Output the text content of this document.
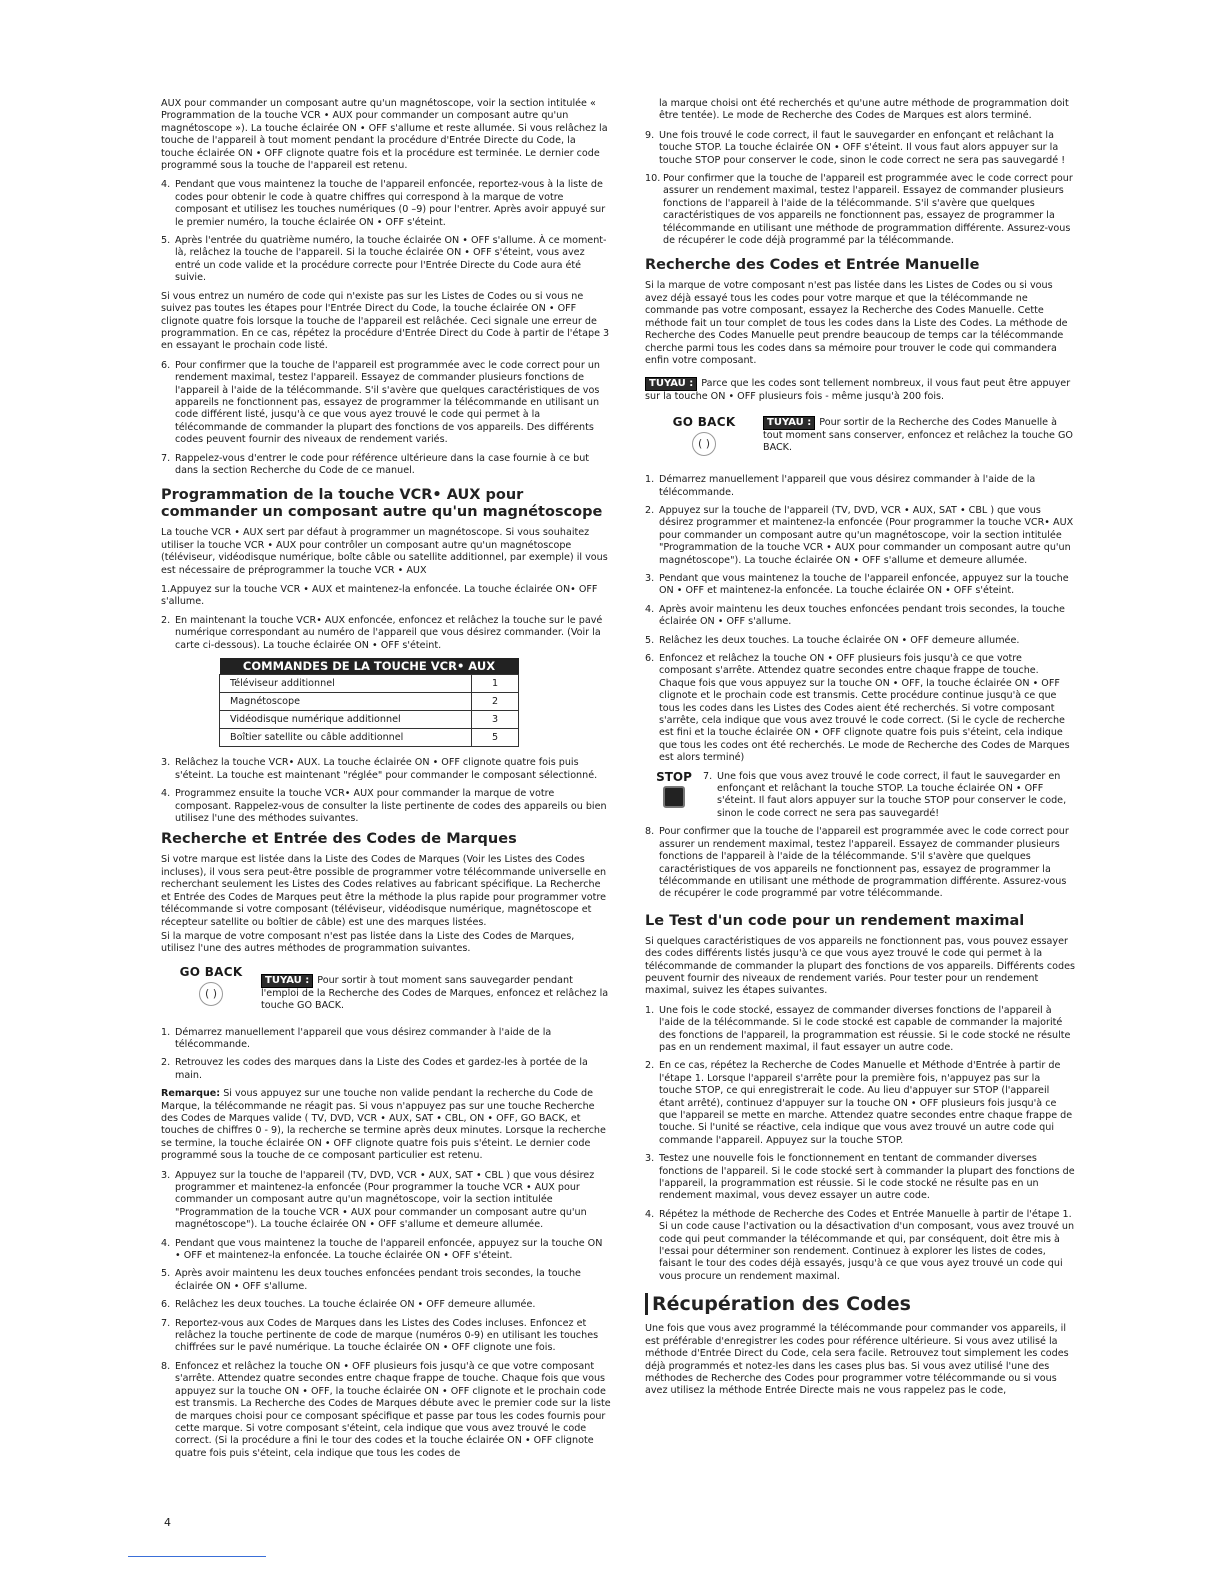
AUX pour commander un composant autre qu'un magnétoscope, voir la section intitulée « Programmation de la touche VCR • AUX pour commander un composant autre qu'un magnétoscope »). La touche éclairée ON • OFF s'allume et reste allumée. Si vous relâchez la touche de l'appareil à tout moment pendant la procédure d'Entrée Directe du Code, la touche éclairée ON • OFF clignote quatre fois et la procédure est terminée. Le dernier code programmé sous la touche de l'appareil est retenu.

4. Pendant que vous maintenez la touche de l'appareil enfoncée, reportez-vous à la liste de codes pour obtenir le code à quatre chiffres qui correspond à la marque de votre composant et utilisez les touches numériques (0 –9) pour l'entrer. Après avoir appuyé sur le premier numéro, la touche éclairée ON • OFF s'éteint.
5. Après l'entrée du quatrième numéro, la touche éclairée ON • OFF s'allume. À ce moment-là, relâchez la touche de l'appareil. Si la touche éclairée ON • OFF s'éteint, vous avez entré un code valide et la procédure correcte pour l'Entrée Directe du Code aura été suivie.

Si vous entrez un numéro de code qui n'existe pas sur les Listes de Codes ou si vous ne suivez pas toutes les étapes pour l'Entrée Direct du Code, la touche éclairée ON • OFF clignote quatre fois lorsque la touche de l'appareil est relâchée. Ceci signale une erreur de programmation. En ce cas, répétez la procédure d'Entrée Direct du Code à partir de l'étape 3 en essayant le prochain code listé.

6. Pour confirmer que la touche de l'appareil est programmée avec le code correct pour un rendement maximal, testez l'appareil. Essayez de commander plusieurs fonctions de l'appareil à l'aide de la télécommande. S'il s'avère que quelques caractéristiques de vos appareils ne fonctionnent pas, essayez de programmer la télécommande en utilisant un code différent listé, jusqu'à ce que vous ayez trouvé le code qui permet à la télécommande de commander la plupart des fonctions de vos appareils. Des différents codes peuvent fournir des niveaux de rendement variés.
7. Rappelez-vous d'entrer le code pour référence ultérieure dans la case fournie à ce but dans la section Recherche du Code de ce manuel.
Programmation de la touche VCR• AUX pour commander un composant autre qu'un magnétoscope

La touche VCR • AUX sert par défaut à programmer un magnétoscope. Si vous souhaitez utiliser la touche VCR • AUX pour contrôler un composant autre qu'un magnétoscope (téléviseur, vidéodisque numérique, boîte câble ou satellite additionnel, par exemple) il vous est nécessaire de préprogrammer la touche VCR • AUX

1.Appuyez sur la touche VCR • AUX et maintenez-la enfoncée. La touche éclairée ON• OFF s'allume.

2. En maintenant la touche VCR• AUX enfoncée, enfoncez et relâchez la touche sur le pavé numérique correspondant au numéro de l'appareil que vous désirez commander. (Voir la carte ci-dessous). La touche éclairée ON • OFF s'éteint.
COMMANDES DE LA TOUCHE VCR• AUX	
Téléviseur additionnel	1
Magnétoscope	2
Vidéodisque numérique additionnel	3
Boîtier satellite ou câble additionnel	5
3. Relâchez la touche VCR• AUX. La touche éclairée ON • OFF clignote quatre fois puis s'éteint. La touche est maintenant "réglée" pour commander le composant sélectionné.
4. Programmez ensuite la touche VCR• AUX pour commander la marque de votre composant. Rappelez-vous de consulter la liste pertinente de codes des appareils ou bien utilisez l'une des méthodes suivantes.
Recherche et Entrée des Codes de Marques

Si votre marque est listée dans la Liste des Codes de Marques (Voir les Listes des Codes incluses), il vous sera peut-être possible de programmer votre télécommande universelle en recherchant seulement les Listes des Codes relatives au fabricant spécifique. La Recherche et Entrée des Codes de Marques peut être la méthode la plus rapide pour programmer votre télécommande si votre composant (téléviseur, vidéodisque numérique, magnétoscope et récepteur satellite ou boîtier de câble) est une des marques listées.

Si la marque de votre composant n'est pas listée dans la Liste des Codes de Marques, utilisez l'une des autres méthodes de programmation suivantes.

GO BACK
( )
TUYAU : Pour sortir à tout moment sans sauvegarder pendant l'emploi de la Recherche des Codes de Marques, enfoncez et relâchez la touche GO BACK.
1. Démarrez manuellement l'appareil que vous désirez commander à l'aide de la télécommande.
2. Retrouvez les codes des marques dans la Liste des Codes et gardez-les à portée de la main.

Remarque: Si vous appuyez sur une touche non valide pendant la recherche du Code de Marque, la télécommande ne réagit pas. Si vous n'appuyez pas sur une touche Recherche des Codes de Marques valide ( TV, DVD, VCR • AUX, SAT • CBL, ON • OFF, GO BACK, et touches de chiffres 0 - 9), la recherche se termine après deux minutes. Lorsque la recherche se termine, la touche éclairée ON • OFF clignote quatre fois puis s'éteint. Le dernier code programmé sous la touche de ce composant particulier est retenu.

3. Appuyez sur la touche de l'appareil (TV, DVD, VCR • AUX, SAT • CBL ) que vous désirez programmer et maintenez-la enfoncée (Pour programmer la touche VCR • AUX pour commander un composant autre qu'un magnétoscope, voir la section intitulée "Programmation de la touche VCR • AUX pour commander un composant autre qu'un magnétoscope"). La touche éclairée ON • OFF s'allume et demeure allumée.
4. Pendant que vous maintenez la touche de l'appareil enfoncée, appuyez sur la touche ON • OFF et maintenez-la enfoncée. La touche éclairée ON • OFF s'éteint.
5. Après avoir maintenu les deux touches enfoncées pendant trois secondes, la touche éclairée ON • OFF s'allume.
6. Relâchez les deux touches. La touche éclairée ON • OFF demeure allumée.
7. Reportez-vous aux Codes de Marques dans les Listes des Codes incluses. Enfoncez et relâchez la touche pertinente de code de marque (numéros 0-9) en utilisant les touches chiffrées sur le pavé numérique. La touche éclairée ON • OFF clignote une fois.
8. Enfoncez et relâchez la touche ON • OFF plusieurs fois jusqu'à ce que votre composant s'arrête. Attendez quatre secondes entre chaque frappe de touche. Chaque fois que vous appuyez sur la touche ON • OFF, la touche éclairée ON • OFF clignote et le prochain code est transmis. La Recherche des Codes de Marques débute avec le premier code sur la liste de marques choisi pour ce composant spécifique et passe par tous les codes fournis pour cette marque. Si votre composant s'éteint, cela indique que vous avez trouvé le code correct. (Si la procédure a fini le tour des codes et la touche éclairée ON • OFF clignote quatre fois puis s'éteint, cela indique que tous les codes de

la marque choisi ont été recherchés et qu'une autre méthode de programmation doit être tentée). Le mode de Recherche des Codes de Marques est alors terminé.

9. Une fois trouvé le code correct, il faut le sauvegarder en enfonçant et relâchant la touche STOP. La touche éclairée ON • OFF s'éteint. Il vous faut alors appuyer sur la touche STOP pour conserver le code, sinon le code correct ne sera pas sauvegardé !
10. Pour confirmer que la touche de l'appareil est programmée avec le code correct pour assurer un rendement maximal, testez l'appareil. Essayez de commander plusieurs fonctions de l'appareil à l'aide de la télécommande. S'il s'avère que quelques caractéristiques de vos appareils ne fonctionnent pas, essayez de programmer la télécommande en utilisant une méthode de programmation différente. Assurez-vous de récupérer le code déjà programmé par la télécommande.
Recherche des Codes et Entrée Manuelle

Si la marque de votre composant n'est pas listée dans les Listes de Codes ou si vous avez déjà essayé tous les codes pour votre marque et que la télécommande ne commande pas votre composant, essayez la Recherche des Codes Manuelle. Cette méthode fait un tour complet de tous les codes dans la Liste des Codes. La méthode de Recherche des Codes Manuelle peut prendre beaucoup de temps car la télécommande cherche parmi tous les codes dans sa mémoire pour trouver le code qui commandera enfin votre composant.

TUYAU : Parce que les codes sont tellement nombreux, il vous faut peut être appuyer sur la touche ON • OFF plusieurs fois - même jusqu'à 200 fois.

GO BACK
( )
TUYAU : Pour sortir de la Recherche des Codes Manuelle à tout moment sans conserver, enfoncez et relâchez la touche GO BACK.
1. Démarrez manuellement l'appareil que vous désirez commander à l'aide de la télécommande.
2. Appuyez sur la touche de l'appareil (TV, DVD, VCR • AUX, SAT • CBL ) que vous désirez programmer et maintenez-la enfoncée (Pour programmer la touche VCR• AUX pour commander un composant autre qu'un magnétoscope, voir la section intitulée "Programmation de la touche VCR • AUX pour commander un composant autre qu'un magnétoscope"). La touche éclairée ON • OFF s'allume et demeure allumée.
3. Pendant que vous maintenez la touche de l'appareil enfoncée, appuyez sur la touche ON • OFF et maintenez-la enfoncée. La touche éclairée ON • OFF s'éteint.
4. Après avoir maintenu les deux touches enfoncées pendant trois secondes, la touche éclairée ON • OFF s'allume.
5. Relâchez les deux touches. La touche éclairée ON • OFF demeure allumée.
6. Enfoncez et relâchez la touche ON • OFF plusieurs fois jusqu'à ce que votre composant s'arrête. Attendez quatre secondes entre chaque frappe de touche. Chaque fois que vous appuyez sur la touche ON • OFF, la touche éclairée ON • OFF clignote et le prochain code est transmis. Cette procédure continue jusqu'à ce que tous les codes dans les Listes des Codes aient été recherchés. Si votre composant s'arrête, cela indique que vous avez trouvé le code correct. (Si le cycle de recherche est fini et la touche éclairée ON • OFF clignote quatre fois puis s'éteint, cela indique que tous les codes ont été recherchés. Le mode de Recherche des Codes de Marques est alors terminé)
STOP	7. Une fois que vous avez trouvé le code correct, il faut le sauvegarder en enfonçant et relâchant la touche STOP. La touche éclairée ON • OFF s'éteint. Il faut alors appuyer sur la touche STOP pour conserver le code, sinon le code correct ne sera pas sauvegardé!
8. Pour confirmer que la touche de l'appareil est programmée avec le code correct pour assurer un rendement maximal, testez l'appareil. Essayez de commander plusieurs fonctions de l'appareil à l'aide de la télécommande. S'il s'avère que quelques caractéristiques de vos appareils ne fonctionnent pas, essayez de programmer la télécommande en utilisant une méthode de programmation différente. Assurez-vous de récupérer le code programmé par votre télécommande.
Le Test d'un code pour un rendement maximal

Si quelques caractéristiques de vos appareils ne fonctionnent pas, vous pouvez essayer des codes différents listés jusqu'à ce que vous ayez trouvé le code qui permet à la télécommande de commander la plupart des fonctions de vos appareils. Différents codes peuvent fournir des niveaux de rendement variés. Pour tester pour un rendement maximal, suivez les étapes suivantes.

1. Une fois le code stocké, essayez de commander diverses fonctions de l'appareil à l'aide de la télécommande. Si le code stocké est capable de commander la majorité des fonctions de l'appareil, la programmation est réussie. Si le code stocké ne résulte pas en un rendement maximal, il faut essayer un autre code.
2. En ce cas, répétez la Recherche de Codes Manuelle et Méthode d'Entrée à partir de l'étape 1. Lorsque l'appareil s'arrête pour la première fois, n'appuyez pas sur la touche STOP, ce qui enregistrerait le code. Au lieu d'appuyer sur STOP (l'appareil étant arrêté), continuez d'appuyer sur la touche ON • OFF plusieurs fois jusqu'à ce que l'appareil se mette en marche. Attendez quatre secondes entre chaque frappe de touche. Si l'unité se réactive, cela indique que vous avez trouvé un autre code qui commande l'appareil. Appuyez sur la touche STOP.
3. Testez une nouvelle fois le fonctionnement en tentant de commander diverses fonctions de l'appareil. Si le code stocké sert à commander la plupart des fonctions de l'appareil, la programmation est réussie. Si le code stocké ne résulte pas en un rendement maximal, vous devez essayer un autre code.
4. Répétez la méthode de Recherche des Codes et Entrée Manuelle à partir de l'étape 1. Si un code cause l'activation ou la désactivation d'un composant, vous avez trouvé un code qui peut commander la télécommande et qui, par conséquent, doit être mis à l'essai pour déterminer son rendement. Continuez à explorer les listes de codes, faisant le tour des codes déjà essayés, jusqu'à ce que vous ayez trouvé un code qui vous procure un rendement maximal.
Récupération des Codes

Une fois que vous avez programmé la télécommande pour commander vos appareils, il est préférable d'enregistrer les codes pour référence ultérieure. Si vous avez utilisé la méthode d'Entrée Direct du Code, cela sera facile. Retrouvez tout simplement les codes déjà programmés et notez-les dans les cases plus bas. Si vous avez utilisé l'une des méthodes de Recherche des Codes pour programmer votre télécommande ou si vous avez utilisez la méthode Entrée Directe mais ne vous rappelez pas le code,

4
